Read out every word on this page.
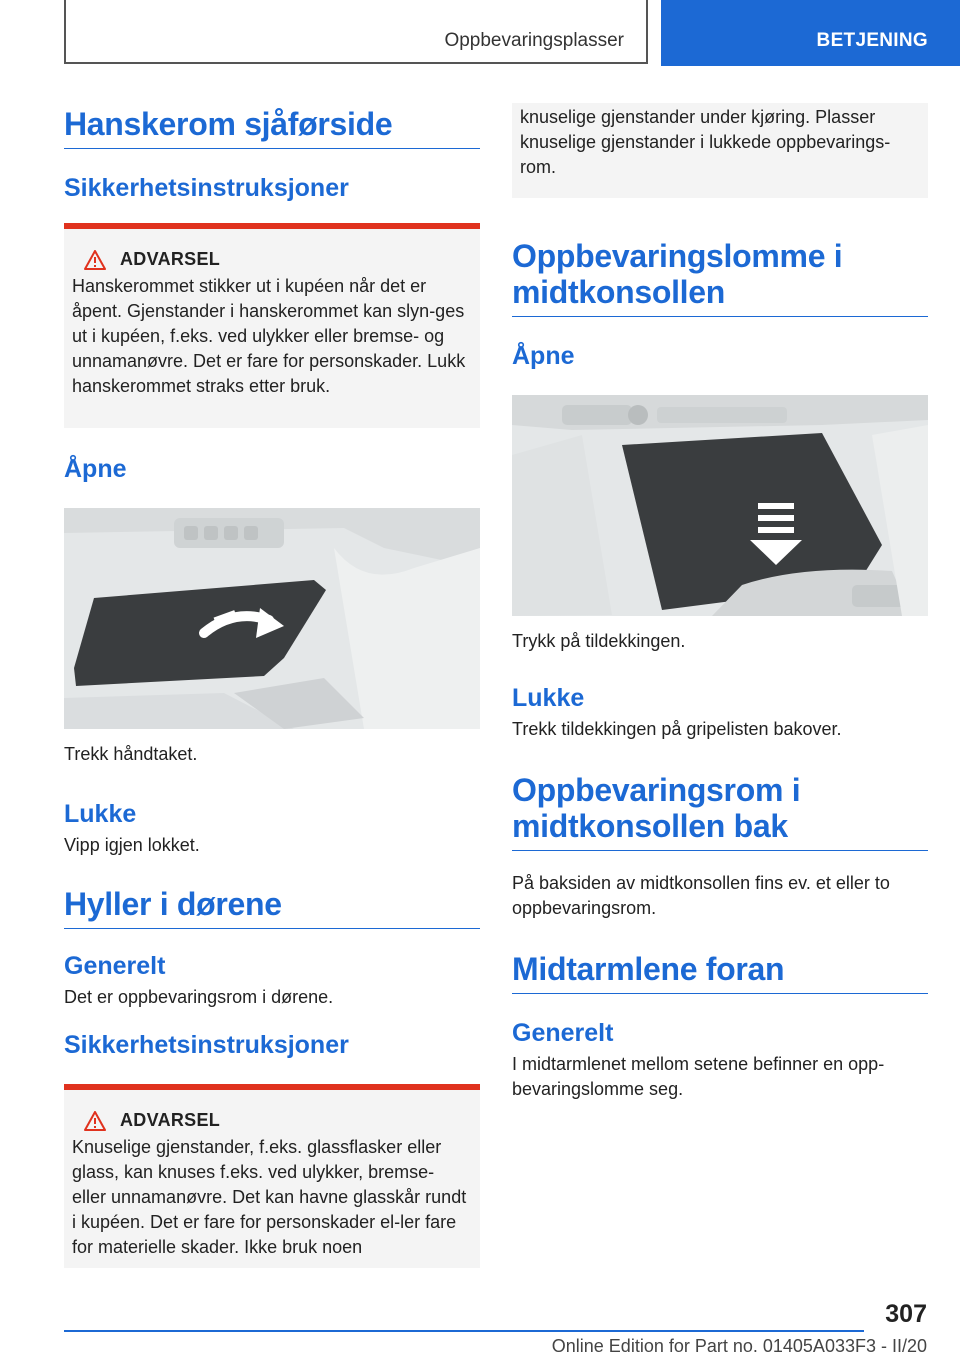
Oppbevaringsplasser	BETJENING
Hanskerom sjåførside
Sikkerhetsinstruksjoner
ADVARSEL
Hanskerommet stikker ut i kupéen når det er åpent. Gjenstander i hanskerommet kan slyn-ges ut i kupéen, f.eks. ved ulykker eller bremse- og unnamanøvre. Det er fare for personskader. Lukk hanskerommet straks etter bruk.
Åpne
Trekk håndtaket.
Lukke
Vipp igjen lokket.
Hyller i dørene
Generelt
Det er oppbevaringsrom i dørene.
Sikkerhetsinstruksjoner
ADVARSEL
Knuselige gjenstander, f.eks. glassflasker eller glass, kan knuses f.eks. ved ulykker, bremse- eller unnamanøvre. Det kan havne glasskår rundt i kupéen. Det er fare for personskader el-ler fare for materielle skader. Ikke bruk noen
knuselige gjenstander under kjøring. Plasser knuselige gjenstander i lukkede oppbevarings-rom.
Oppbevaringslomme i midtkonsollen
Åpne
Trykk på tildekkingen.
Lukke
Trekk tildekkingen på gripelisten bakover.
Oppbevaringsrom i midtkonsollen bak
På baksiden av midtkonsollen fins ev. et eller to oppbevaringsrom.
Midtarmlene foran
Generelt
I midtarmlenet mellom setene befinner en opp-bevaringslomme seg.
307
Online Edition for Part no. 01405A033F3 - II/20
